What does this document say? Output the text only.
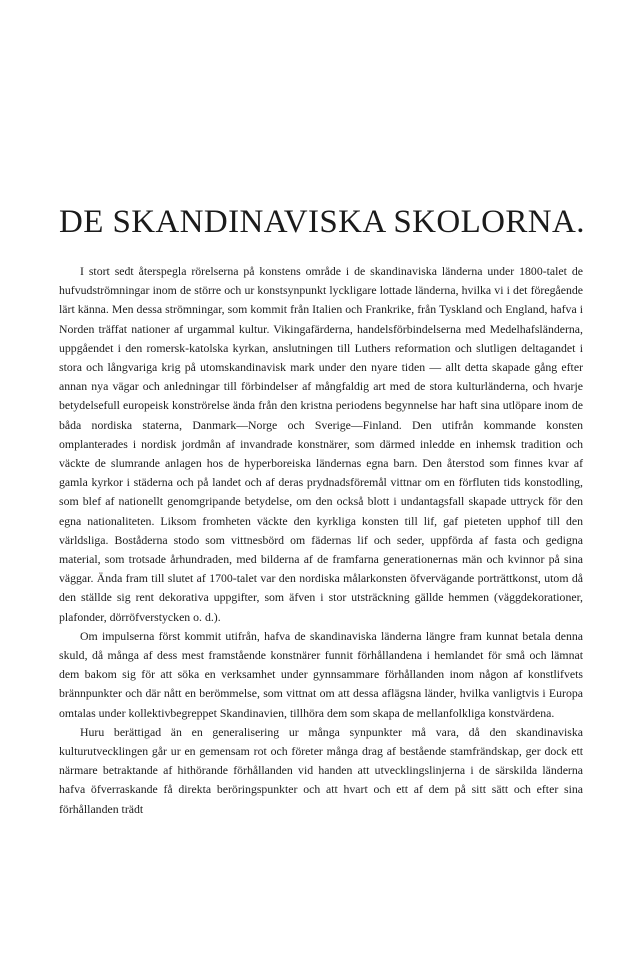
DE SKANDINAVISKA SKOLORNA.

I stort sedt återspegla rörelserna på konstens område i de skandinaviska länderna under 1800-talet de hufvudströmningar inom de större och ur konstsynpunkt lyckligare lottade länderna, hvilka vi i det föregående lärt känna. Men dessa strömningar, som kommit från Italien och Frankrike, från Tyskland och England, hafva i Norden träffat nationer af urgammal kultur. Vikingafärderna, handelsförbindelserna med Medelhafsländerna, uppgåendet i den romersk-katolska kyrkan, anslutningen till Luthers reformation och slutligen deltagandet i stora och långvariga krig på utomskandinavisk mark under den nyare tiden — allt detta skapade gång efter annan nya vägar och anledningar till förbindelser af mångfaldig art med de stora kulturländerna, och hvarje betydelsefull europeisk konströrelse ända från den kristna periodens begynnelse har haft sina utlöpare inom de båda nordiska staterna, Danmark—Norge och Sverige—Finland. Den utifrån kommande konsten omplanterades i nordisk jordmån af invandrade konstnärer, som därmed inledde en inhemsk tradition och väckte de slumrande anlagen hos de hyperboreiska ländernas egna barn. Den återstod som finnes kvar af gamla kyrkor i städerna och på landet och af deras prydnadsföremål vittnar om en förfluten tids konstodling, som blef af nationellt genomgripande betydelse, om den också blott i undantagsfall skapade uttryck för den egna nationaliteten. Liksom fromheten väckte den kyrkliga konsten till lif, gaf pieteten upphof till den världsliga. Boståderna stodo som vittnesbörd om fädernas lif och seder, uppförda af fasta och gedigna material, som trotsade århundraden, med bilderna af de framfarna generationernas män och kvinnor på sina väggar. Ända fram till slutet af 1700-talet var den nordiska målarkonsten öfvervägande porträttkonst, utom då den ställde sig rent dekorativa uppgifter, som äfven i stor utsträckning gällde hemmen (väggdekorationer, plafonder, dörröfverstycken o. d.).

Om impulserna först kommit utifrån, hafva de skandinaviska länderna längre fram kunnat betala denna skuld, då många af dess mest framstående konstnärer funnit förhållandena i hemlandet för små och lämnat dem bakom sig för att söka en verksamhet under gynnsammare förhållanden inom någon af konstlifvets brännpunkter och där nått en berömmelse, som vittnat om att dessa aflägsna länder, hvilka vanligtvis i Europa omtalas under kollektivbegreppet Skandinavien, tillhöra dem som skapa de mellanfolkliga konstvärdena.

Huru berättigad än en generalisering ur många synpunkter må vara, då den skandinaviska kulturutvecklingen går ur en gemensam rot och företer många drag af bestående stamfrändskap, ger dock ett närmare betraktande af hithörande förhållanden vid handen att utvecklingslinjerna i de särskilda länderna hafva öfverraskande få direkta beröringspunkter och att hvart och ett af dem på sitt sätt och efter sina förhållanden trädt
